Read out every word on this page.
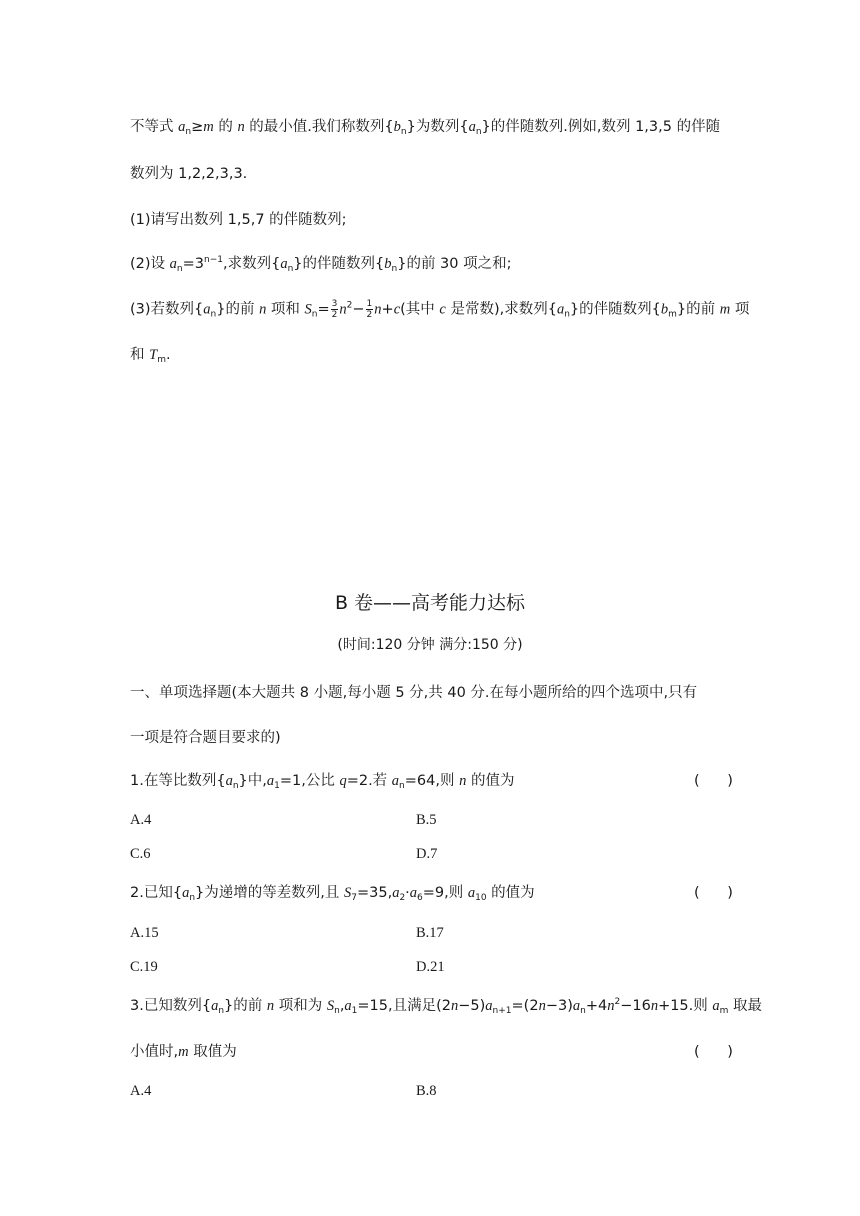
不等式 $a_n\ge m$ 的 n 的最小值.我们称数列$\{b_n\}$为数列$\{a_n\}$的伴随数列.例如,数列 1,3,5 的伴随
数列为 1,2,2,3,3.
(1)请写出数列 1,5,7 的伴随数列;
(2)设 $a_n=3^{n-1}$,求数列$\{a_n\}$的伴随数列$\{b_n\}$的前 30 项之和;
(3)若数列$\{a_n\}$的前 n 项和 $S_n= \frac{3}{2} n^2- \frac{1}{2} n+c$(其中 c 是常数),求数列$\{a_n\}$的伴随数列$\{b_m\}$的前 m 项
和 $T_m$.
B 卷——高考能力达标
(时间:120 分钟 满分:150 分)
一、单项选择题(本大题共 8 小题,每小题 5 分,共 40 分.在每小题所给的四个选项中,只有
一项是符合题目要求的)
1.在等比数列$\{a_n\}$中$,a_1=1$,公比 q=2.若 $a_n=64$,则 n 的值为	(      )
A.4	B.5
C.6	D.7
2.已知$\{a_n\}$为递增的等差数列,且 $S_7=35,a_2\cdot a_6=9$,则 $a_{10}$ 的值为	(      )
A.15	B.17
C.19	D.21
3.已知数列$\{a_n\}$的前 n 项和为 $S_n,a_1=15$,且满足$(2n-5)a_{n+1}=(2n-3)a_n+4n^2-16n+15$.则 $a_m$ 取最
小值时,m 取值为	(      )
A.4	B.8
